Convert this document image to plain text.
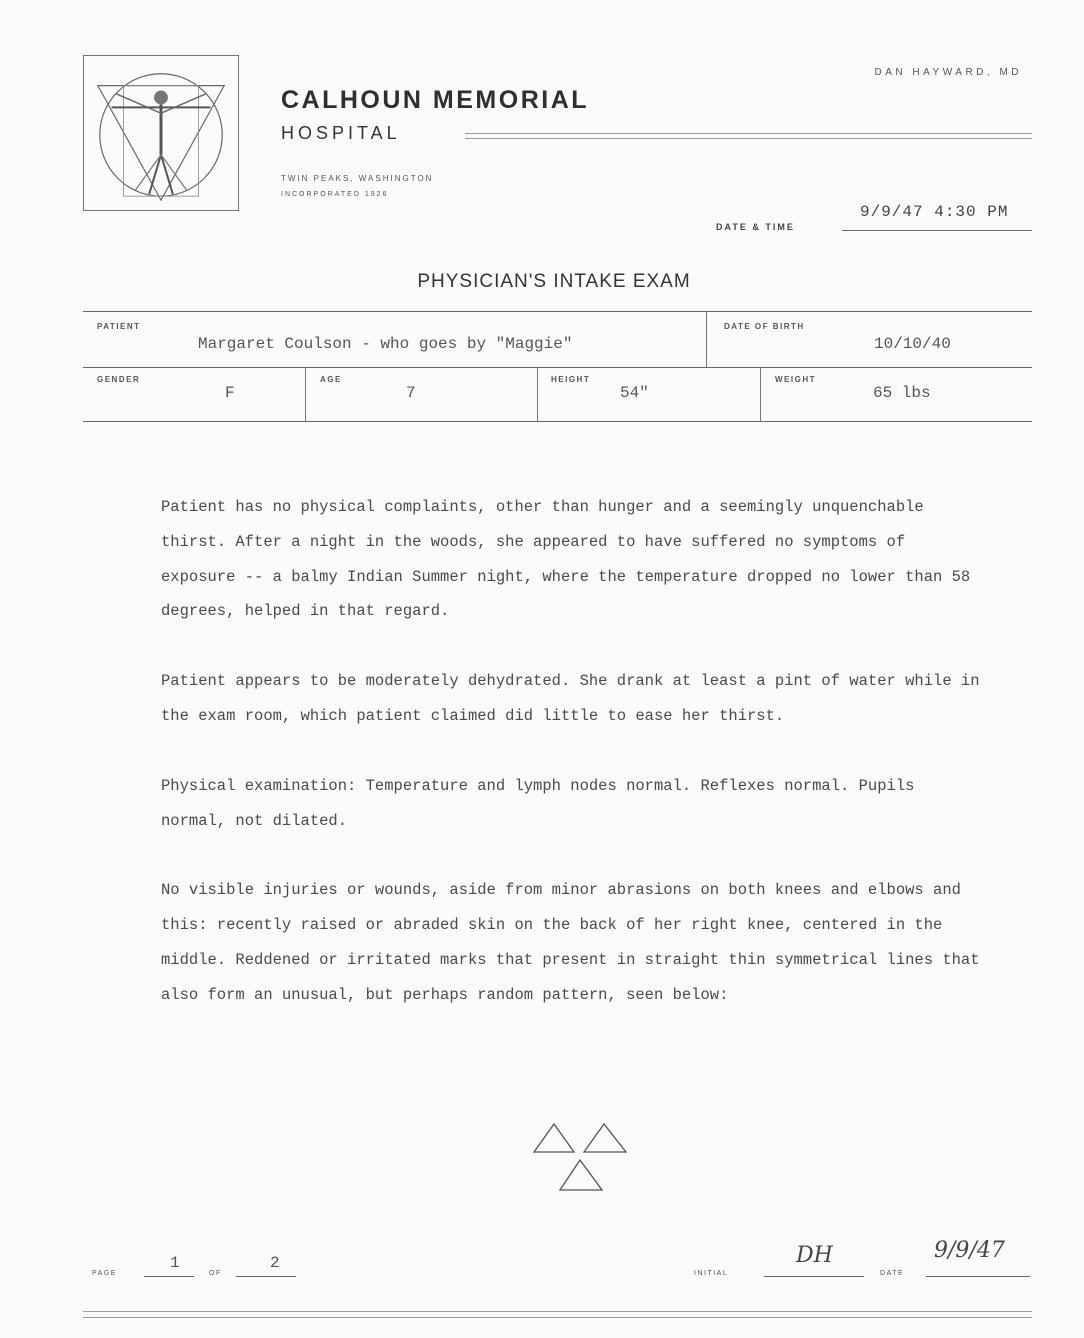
CALHOUN MEMORIAL
HOSPITAL
TWIN PEAKS, WASHINGTON
INCORPORATED 1926
DAN HAYWARD, MD
DATE & TIME
9/9/47 4:30 PM
PHYSICIAN'S INTAKE EXAM
PATIENT
Margaret Coulson - who goes by "Maggie"
DATE OF BIRTH
10/10/40
GENDER
F
AGE
7
HEIGHT
54"
WEIGHT
65 lbs

Patient has no physical complaints, other than hunger and a seemingly unquenchable thirst. After a night in the woods, she appeared to have suffered no symptoms of exposure -- a balmy Indian Summer night, where the temperature dropped no lower than 58 degrees, helped in that regard.

Patient appears to be moderately dehydrated. She drank at least a pint of water while in the exam room, which patient claimed did little to ease her thirst.

Physical examination: Temperature and lymph nodes normal. Reflexes normal. Pupils normal, not dilated.

No visible injuries or wounds, aside from minor abrasions on both knees and elbows and this: recently raised or abraded skin on the back of her right knee, centered in the middle. Reddened or irritated marks that present in straight thin symmetrical lines that also form an unusual, but perhaps random pattern, seen below:

PAGE
1
OF
2
INITIAL
DH
DATE
9/9/47
